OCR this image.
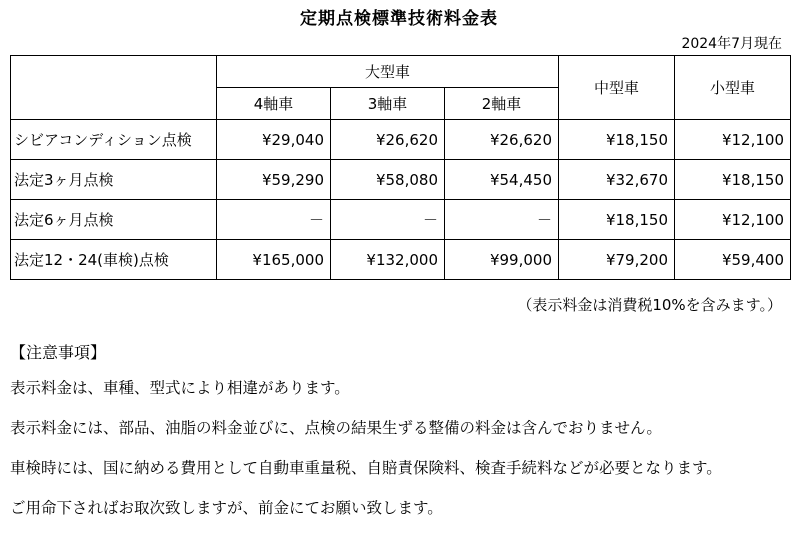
定期点検標準技術料金表
2024年7月現在
	大型車			中型車	小型車
	4軸車	3軸車	2軸車		
シビアコンディション点検	¥29,040	¥26,620	¥26,620	¥18,150	¥12,100
法定3ヶ月点検	¥59,290	¥58,080	¥54,450	¥32,670	¥18,150
法定6ヶ月点検	－	－	－	¥18,150	¥12,100
法定12・24(車検)点検	¥165,000	¥132,000	¥99,000	¥79,200	¥59,400
（表示料金は消費税10%を含みます。）
【注意事項】
表示料金は、車種、型式により相違があります。
表示料金には、部品、油脂の料金並びに、点検の結果生ずる整備の料金は含んでおりません。
車検時には、国に納める費用として自動車重量税、自賠責保険料、検査手続料などが必要となります。
ご用命下さればお取次致しますが、前金にてお願い致します。
